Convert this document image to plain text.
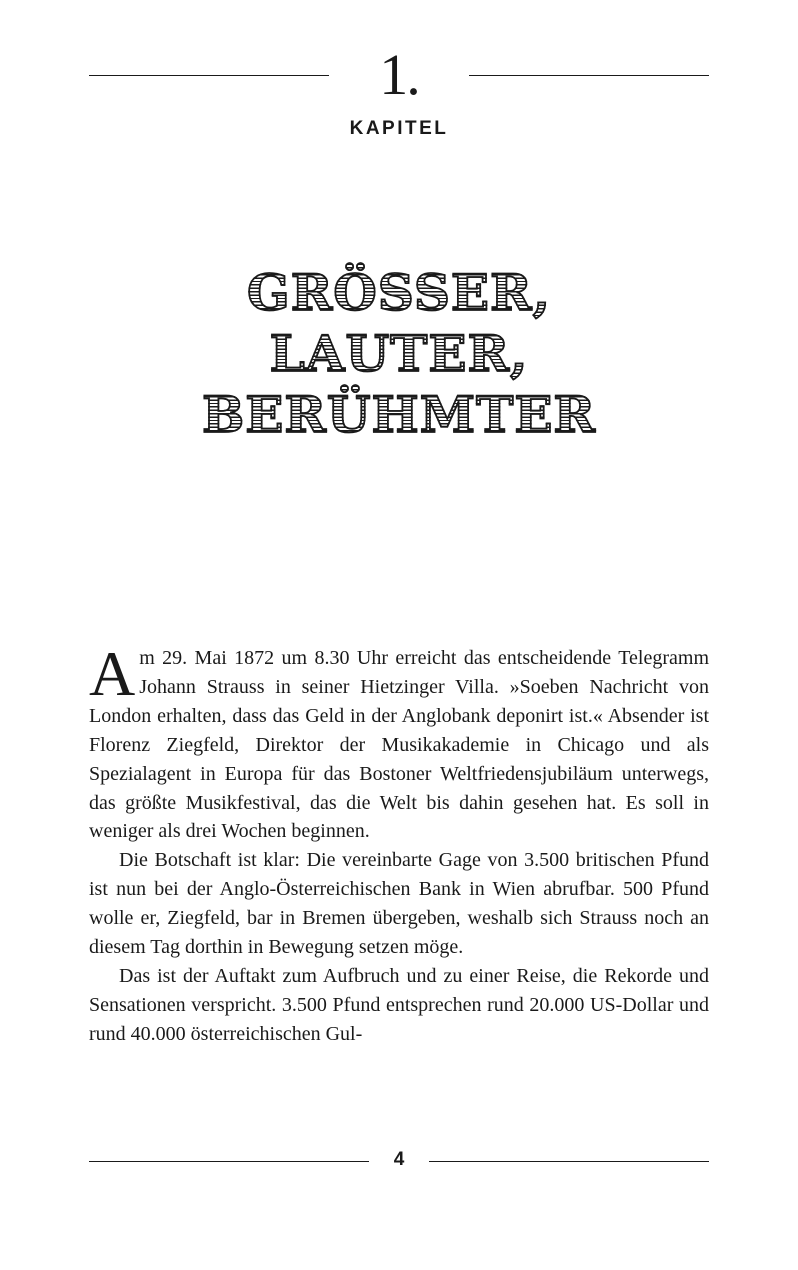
1.
KAPITEL
GRÖSSER,
LAUTER,
BERÜHMTER

Am 29. Mai 1872 um 8.30 Uhr erreicht das entscheidende Telegramm Johann Strauss in seiner Hietzinger Villa. »Soeben Nachricht von London erhalten, dass das Geld in der Anglobank deponirt ist.« Absender ist Florenz Ziegfeld, Direktor der Musikakademie in Chicago und als Spezialagent in Europa für das Bostoner Weltfriedensjubiläum unterwegs, das größte Musikfestival, das die Welt bis dahin gesehen hat. Es soll in weniger als drei Wochen beginnen.

Die Botschaft ist klar: Die vereinbarte Gage von 3.500 britischen Pfund ist nun bei der Anglo-Österreichischen Bank in Wien abrufbar. 500 Pfund wolle er, Ziegfeld, bar in Bremen übergeben, weshalb sich Strauss noch an diesem Tag dorthin in Bewegung setzen möge.

Das ist der Auftakt zum Aufbruch und zu einer Reise, die Rekorde und Sensationen verspricht. 3.500 Pfund entsprechen rund 20.000 US-Dollar und rund 40.000 österreichischen Gul-

4
